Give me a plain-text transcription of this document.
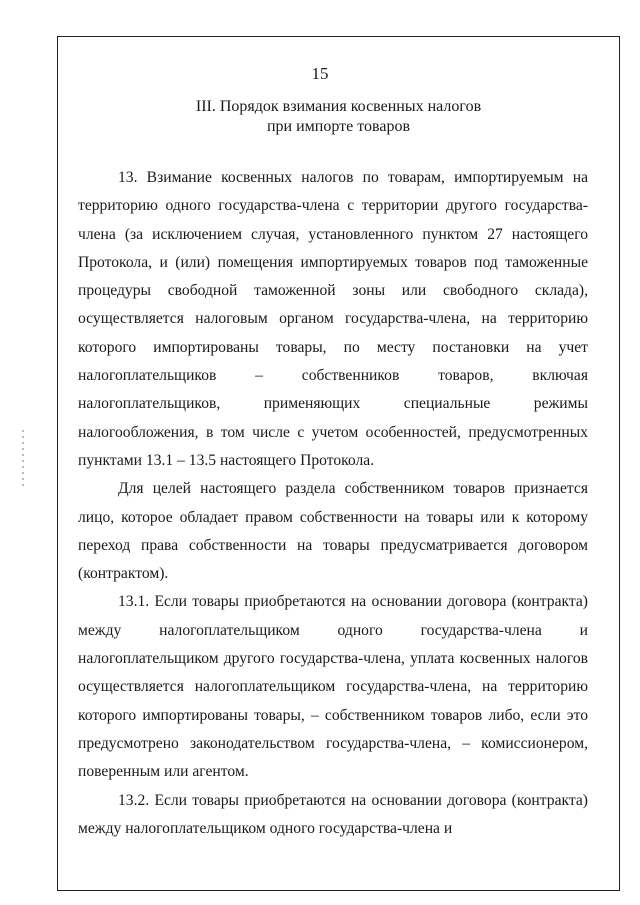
15
III. Порядок взимания косвенных налогов
при импорте товаров

13. Взимание косвенных налогов по товарам, импортируемым на территорию одного государства-члена с территории другого государства-члена (за исключением случая, установленного пунктом 27 настоящего Протокола, и (или) помещения импортируемых товаров под таможенные процедуры свободной таможенной зоны или свободного склада), осуществляется налоговым органом государства-члена, на территорию которого импортированы товары, по месту постановки на учет налогоплательщиков – собственников товаров, включая налогоплательщиков, применяющих специальные режимы налогообложения, в том числе с учетом особенностей, предусмотренных пунктами 13.1 – 13.5 настоящего Протокола.

Для целей настоящего раздела собственником товаров признается лицо, которое обладает правом собственности на товары или к которому переход права собственности на товары предусматривается договором (контрактом).

13.1. Если товары приобретаются на основании договора (контракта) между налогоплательщиком одного государства-члена и налогоплательщиком другого государства-члена, уплата косвенных налогов осуществляется налогоплательщиком государства-члена, на территорию которого импортированы товары, – собственником товаров либо, если это предусмотрено законодательством государства-члена, – комиссионером, поверенным или агентом.

13.2. Если товары приобретаются на основании договора (контракта) между налогоплательщиком одного государства-члена и
